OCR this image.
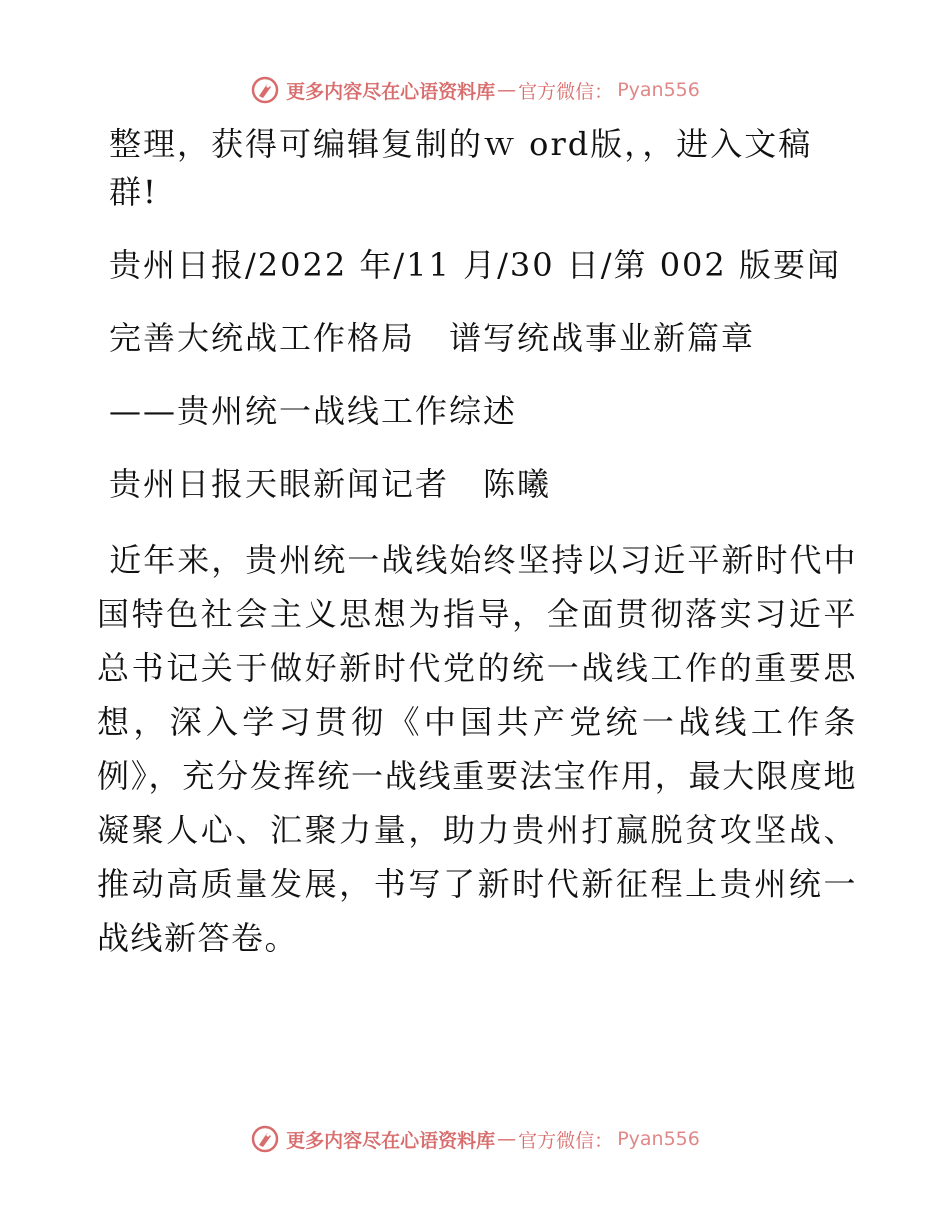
更多内容尽在心语资料库 — 官方微信： Pyan556

整理，获得可编辑复制的ｗ ord版，，进入文稿群!

贵州日报/2022 年/11 月/30 日/第 002 版要闻

完善大统战工作格局　谱写统战事业新篇章

——贵州统一战线工作综述

贵州日报天眼新闻记者　陈曦

近年来，贵州统一战线始终坚持以习近平新时代中国特色社会主义思想为指导，全面贯彻落实习近平总书记关于做好新时代党的统一战线工作的重要思想，深入学习贯彻《中国共产党统一战线工作条例》，充分发挥统一战线重要法宝作用，最大限度地凝聚人心、汇聚力量，助力贵州打赢脱贫攻坚战、推动高质量发展，书写了新时代新征程上贵州统一战线新答卷。

更多内容尽在心语资料库 — 官方微信： Pyan556
